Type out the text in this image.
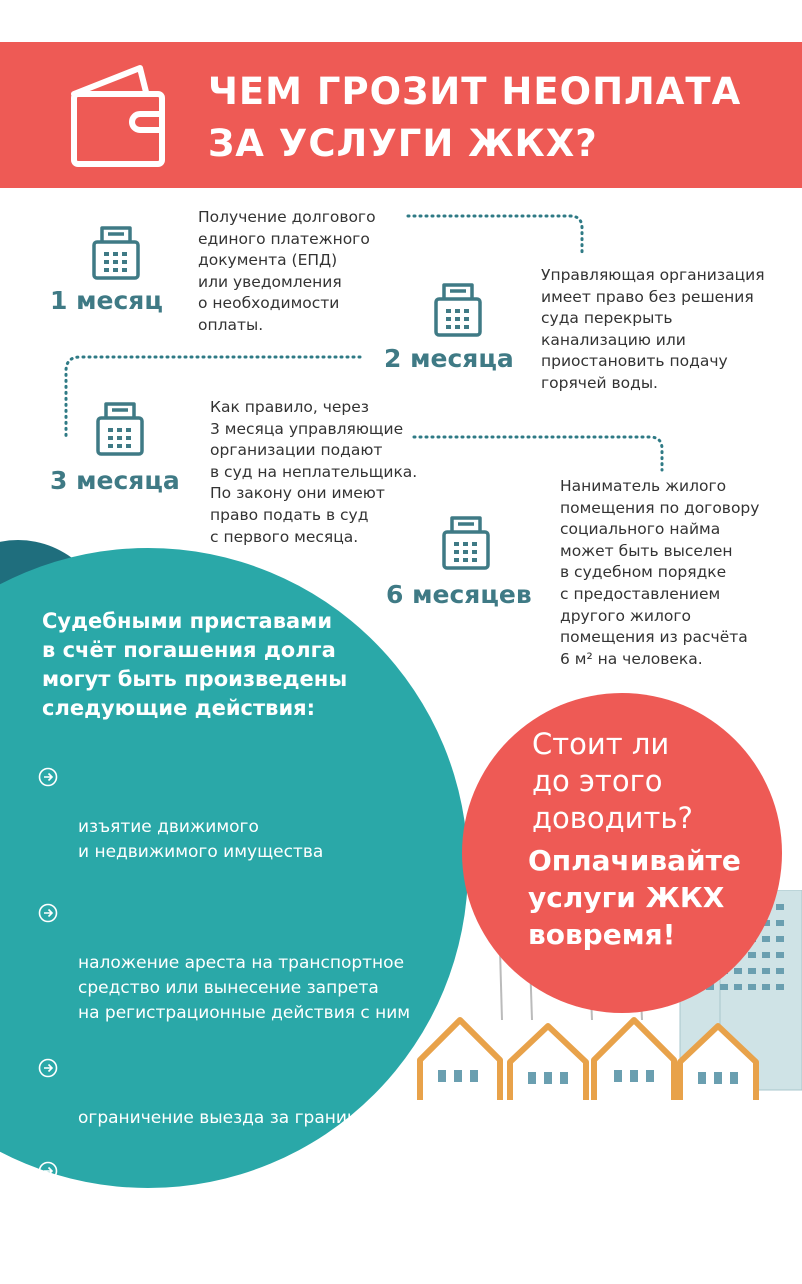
ЧЕМ ГРОЗИТ НЕОПЛАТА
ЗА УСЛУГИ ЖКХ?
1 месяц

Получение долгового
единого платежного
документа (ЕПД)
или уведомления
о необходимости
оплаты.

2 месяца

Управляющая организация
имеет право без решения
суда перекрыть
канализацию или
приостановить подачу
горячей воды.

3 месяца

Как правило, через
3 месяца управляющие
организации подают
в суд на неплательщика.
По закону они имеют
право подать в суд
с первого месяца.

6 месяцев

Наниматель жилого
помещения по договору
социального найма
может быть выселен
в судебном порядке
с предоставлением
другого жилого
помещения из расчёта
6 м² на человека.

Судебными приставами
в счёт погашения долга
могут быть произведены
следующие действия:

изъятие движимого
и недвижимого имущества

наложение ареста на транспортное
средство или вынесение запрета
на регистрационные действия с ним

ограничение выезда за границу

в одностороннем порядке снятие
денежных средств с банковских
счетов

Стоит ли
до этого
доводить?
Оплачивайте
услуги ЖКХ
вовремя!
